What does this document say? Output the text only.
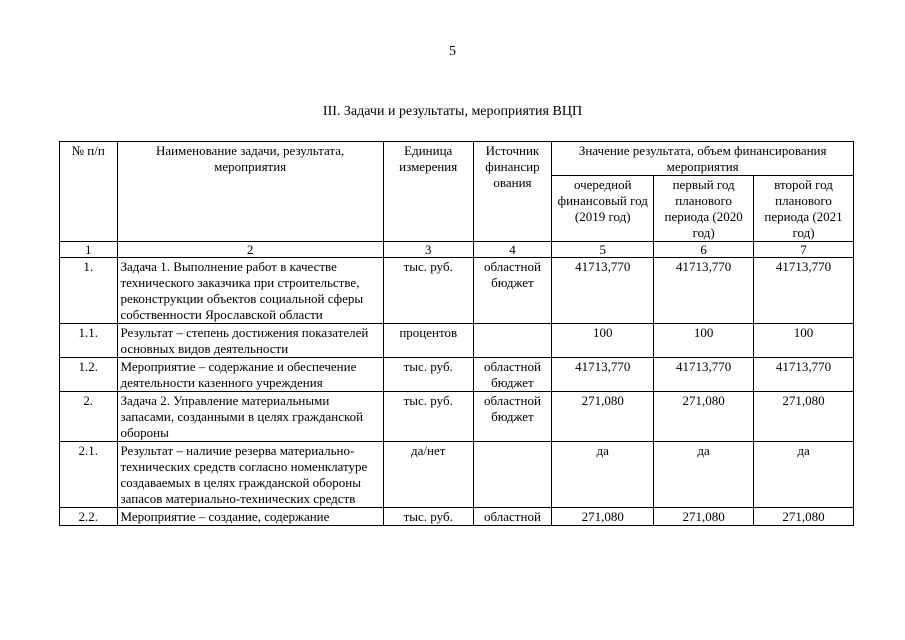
5
III. Задачи и результаты, мероприятия ВЦП
№ п/п	Наименование задачи, результата, мероприятия	Единица измерения	Источник финансир ования	Значение результата, объем финансирования мероприятия		
				очередной финансовый год (2019 год)	первый год планового периода (2020 год)	второй год планового периода (2021 год)
1	2	3	4	5	6	7
1.	Задача 1. Выполнение работ в качестве технического заказчика при строительстве, реконструкции объектов социальной сферы собственности Ярославской области	тыс. руб.	областной бюджет	41713,770	41713,770	41713,770
1.1.	Результат – степень достижения показателей основных видов деятельности	процентов		100	100	100
1.2.	Мероприятие – содержание и обеспечение деятельности казенного учреждения	тыс. руб.	областной бюджет	41713,770	41713,770	41713,770
2.	Задача 2. Управление материальными запасами, созданными в целях гражданской обороны	тыс. руб.	областной бюджет	271,080	271,080	271,080
2.1.	Результат – наличие резерва материально-технических средств согласно номенклатуре создаваемых в целях гражданской обороны запасов материально-технических средств	да/нет		да	да	да
2.2.	Мероприятие – создание, содержание	тыс. руб.	областной	271,080	271,080	271,080
